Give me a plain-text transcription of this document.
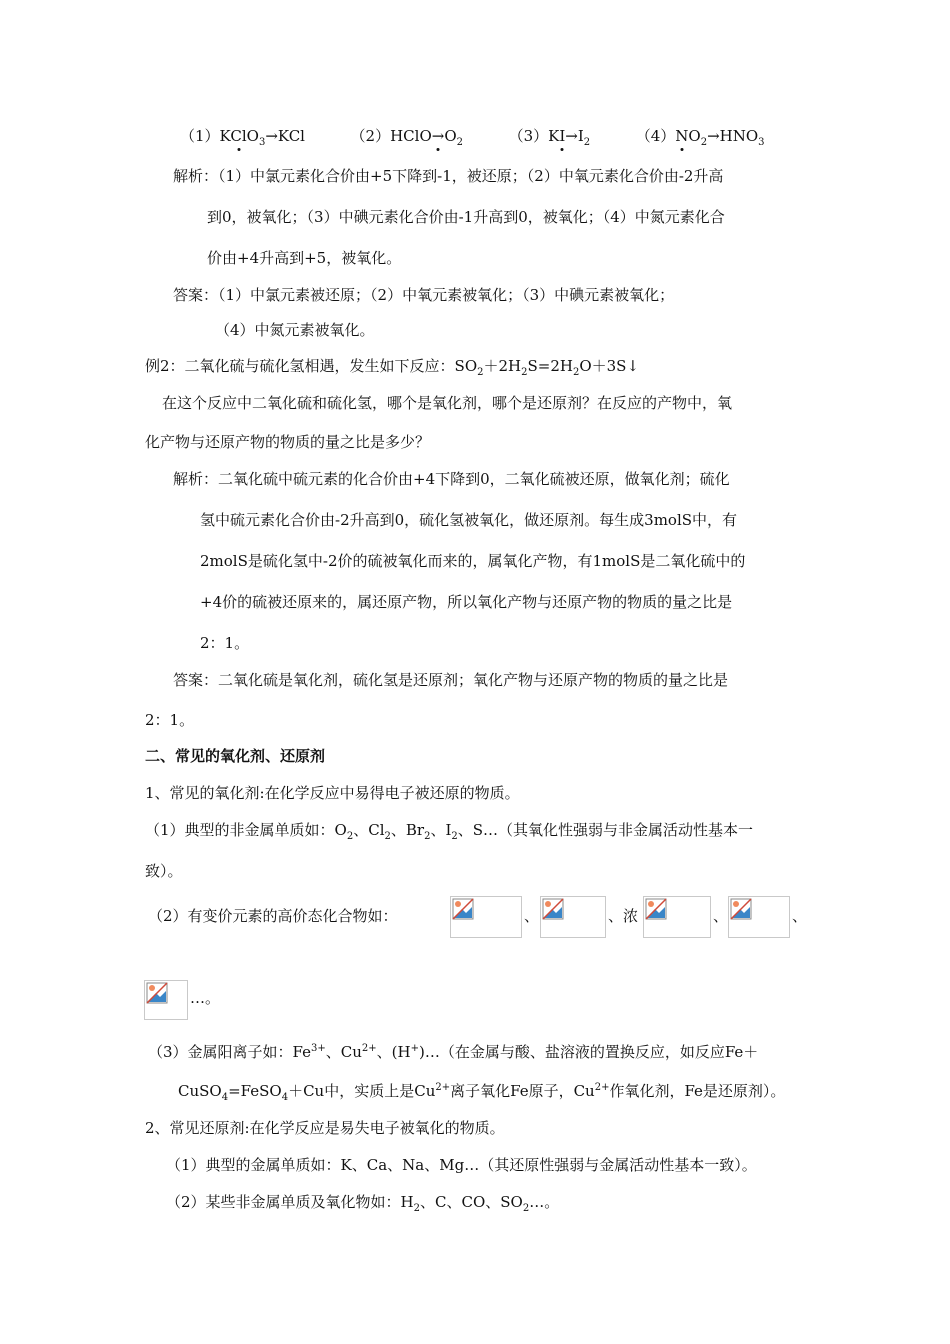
（1）KClO$_3$→KCl	$(2)HClO\to O_2$	$(3)KI\to I_2$	$(4)NO_2\to HNO_3$
解析：（1）中氯元素化合价由+5下降到-1，被还原；（2）中氧元素化合价由-2升高
到0，被氧化；（3）中碘元素化合价由-1升高到0，被氧化；（4）中氮元素化合
价由+4升高到+5，被氧化。
答案：（1）中氯元素被还原；（2）中氧元素被氧化；（3）中碘元素被氧化；
（4）中氮元素被氧化。
例2：二氧化硫与硫化氢相遇，发生如下反应：$SO_2+2H_2S=2H_2O+3S↓$
在这个反应中二氧化硫和硫化氢，哪个是氧化剂，哪个是还原剂？在反应的产物中，氧
化产物与还原产物的物质的量之比是多少？
解析：二氧化硫中硫元素的化合价由+4下降到0，二氧化硫被还原，做氧化剂；硫化
氢中硫元素化合价由-2升高到0，硫化氢被氧化，做还原剂。每生成3molS中，有
2molS是硫化氢中-2价的硫被氧化而来的，属氧化产物，有1molS是二氧化硫中的
+4价的硫被还原来的，属还原产物，所以氧化产物与还原产物的物质的量之比是
2：1。
答案：二氧化硫是氧化剂，硫化氢是还原剂；氧化产物与还原产物的物质的量之比是
2：1。
二、常见的氧化剂、还原剂
1、常见的氧化剂:在化学反应中易得电子被还原的物质。
（1）典型的非金属单质如：$O_2$、$Cl_2$、$Br_2$、$I_2$、S…（其氧化性强弱与非金属活动性基本一
致）。
（2）有变价元素的高价态化合物如：	、	、浓	、	、
…。
（3）金属阳离子如：$Fe^{3+}$、$Cu^{2+}$、(H+)…（在金属与酸、盐溶液的置换反应，如反应Fe＋
CuSO$_4$=FeSO$_4$＋Cu中，实质上是$Cu^{2+}$离子氧化Fe原子，$Cu^{2+}$作氧化剂，Fe是还原剂）。
2、常见还原剂:在化学反应是易失电子被氧化的物质。
（1）典型的金属单质如：K、Ca、Na、Mg…（其还原性强弱与金属活动性基本一致）。
（2）某些非金属单质及氧化物如：$H_2$、C、CO、$SO_2\dots$。
